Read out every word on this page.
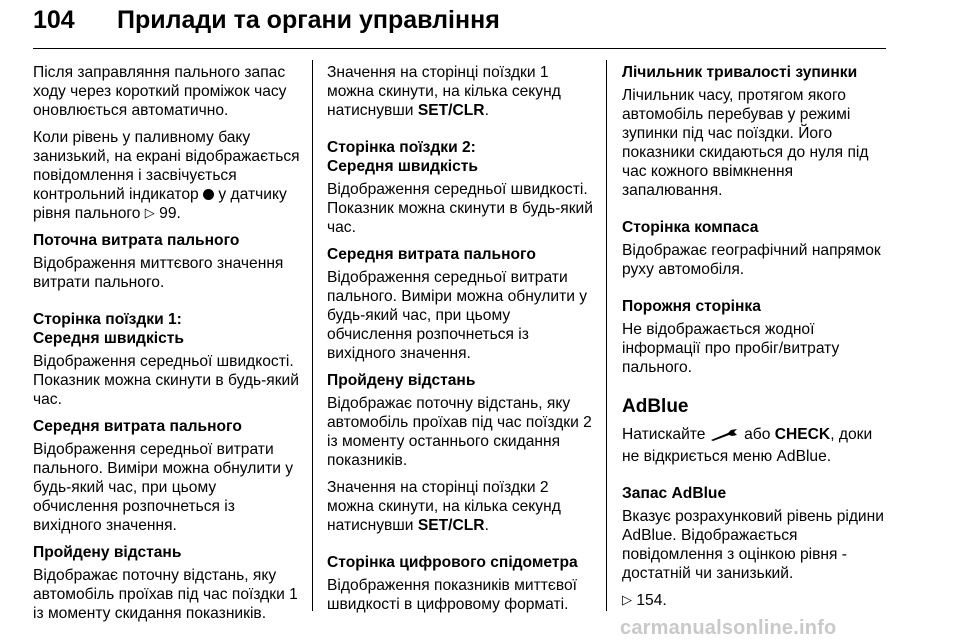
104 Прилади та органи управління

Після заправляння пального запас ходу через короткий проміжок часу оновлюється автоматично.

Коли рівень у паливному баку занизький, на екрані відображається повідомлення і засвічується контрольний індикатор у датчику рівня пального ▷ 99.

Поточна витрата пального

Відображення миттєвого значення витрати пального.

Сторінка поїздки 1:
Середня швидкість

Відображення середньої швидкості. Показник можна скинути в будь-який час.

Середня витрата пального

Відображення середньої витрати пального. Виміри можна обнулити у будь-який час, при цьому обчислення розпочнеться із вихідного значення.

Пройдену відстань

Відображає поточну відстань, яку автомобіль проїхав під час поїздки 1 із моменту скидання показників.

Значення на сторінці поїздки 1 можна скинути, на кілька секунд натиснувши SET/CLR.

Сторінка поїздки 2:
Середня швидкість

Відображення середньої швидкості. Показник можна скинути в будь-який час.

Середня витрата пального

Відображення середньої витрати пального. Виміри можна обнулити у будь-який час, при цьому обчислення розпочнеться із вихідного значення.

Пройдену відстань

Відображає поточну відстань, яку автомобіль проїхав під час поїздки 2 із моменту останнього скидання показників.

Значення на сторінці поїздки 2 можна скинути, на кілька секунд натиснувши SET/CLR.

Сторінка цифрового спідометра

Відображення показників миттєвої швидкості в цифровому форматі.

Лічильник тривалості зупинки

Лічильник часу, протягом якого автомобіль перебував у режимі зупинки під час поїздки. Його показники скидаються до нуля під час кожного ввімкнення запалювання.

Сторінка компаса

Відображає географічний напрямок руху автомобіля.

Порожня сторінка

Не відображається жодної інформації про пробіг/витрату пального.

AdBlue

Натискайте або CHECK, доки не відкриється меню AdBlue.

Запас AdBlue

Вказує розрахунковий рівень рідини AdBlue. Відображається повідомлення з оцінкою рівня - достатній чи занизький.

▷ 154.

carmanualsonline.info
